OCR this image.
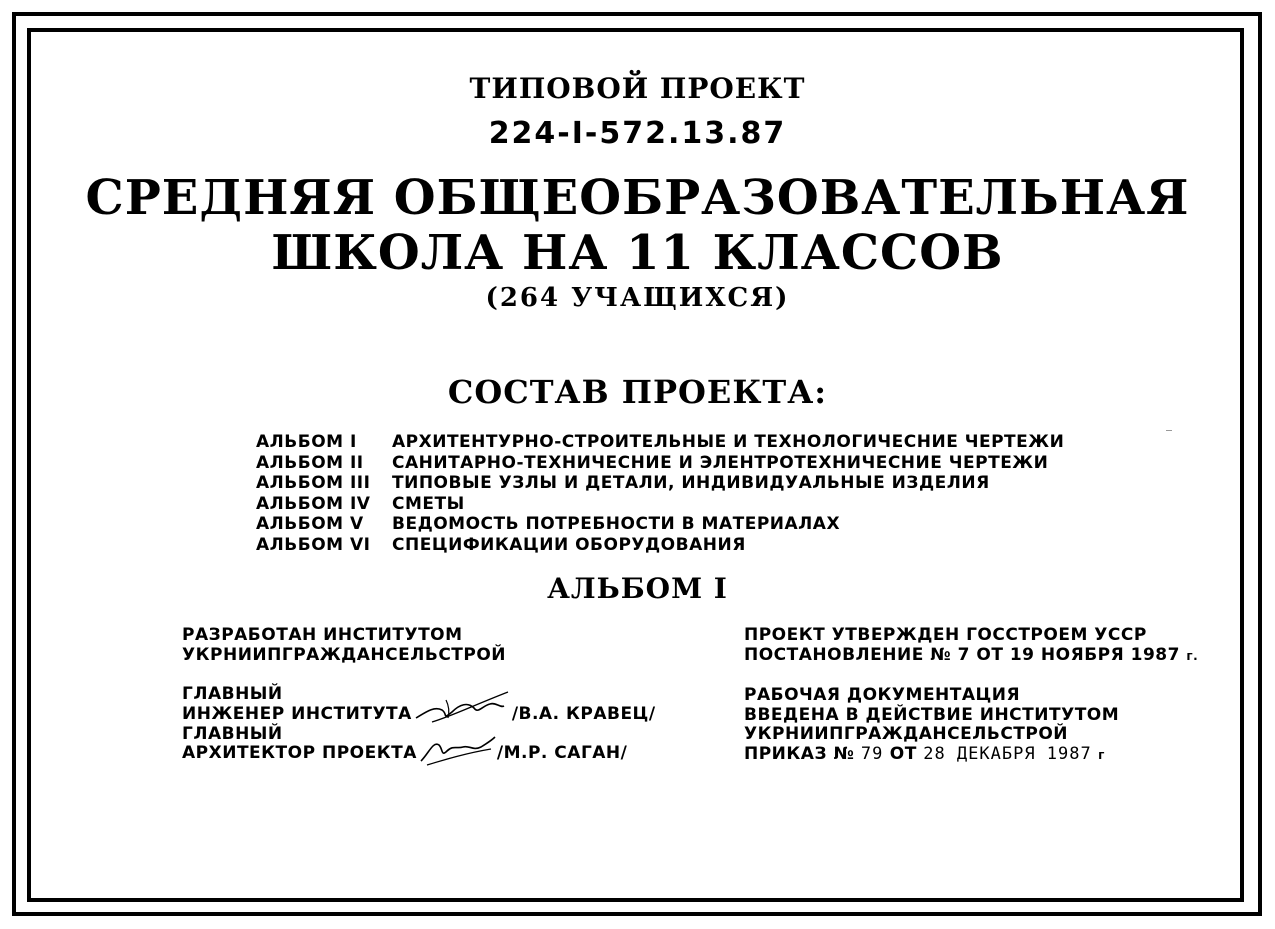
ТИПОВОЙ ПРОЕКТ
224-I-572.13.87
СРЕДНЯЯ ОБЩЕОБРАЗОВАТЕЛЬНАЯ
ШКОЛА НА 11 КЛАССОВ
(264 УЧАЩИХСЯ)
СОСТАВ ПРОЕКТА:
АЛЬБОМ I	АРХИТЕНТУРНО-СТРОИТЕЛЬНЫЕ И ТЕХНОЛОГИЧЕСНИЕ ЧЕРТЕЖИ
АЛЬБОМ II	САНИТАРНО-ТЕХНИЧЕСНИЕ И ЭЛЕНТРОТЕХНИЧЕСНИЕ ЧЕРТЕЖИ
АЛЬБОМ III	ТИПОВЫЕ УЗЛЫ И ДЕТАЛИ, ИНДИВИДУАЛЬНЫЕ ИЗДЕЛИЯ
АЛЬБОМ IV	СМЕТЫ
АЛЬБОМ V	ВЕДОМОСТЬ ПОТРЕБНОСТИ В МАТЕРИАЛАХ
АЛЬБОМ VI	СПЕЦИФИКАЦИИ ОБОРУДОВАНИЯ
АЛЬБОМ I
РАЗРАБОТАН ИНСТИТУТОМ
УКРНИИПГРАЖДАНСЕЛЬСТРОЙ
ГЛАВНЫЙ
ИНЖЕНЕР ИНСТИТУТА	/В.А. КРАВЕЦ/
ГЛАВНЫЙ
АРХИТЕКТОР ПРОЕКТА	/М.Р. САГАН/
ПРОЕКТ УТВЕРЖДЕН ГОССТРОЕМ УССР
ПОСТАНОВЛЕНИЕ № 7 ОТ 19 НОЯБРЯ 1987 г.
РАБОЧАЯ ДОКУМЕНТАЦИЯ
ВВЕДЕНА В ДЕЙСТВИЕ ИНСТИТУТОМ
УКРНИИПГРАЖДАНСЕЛЬСТРОЙ
ПРИКАЗ № 79 ОТ 28 ДЕКАБРЯ 1987 г
